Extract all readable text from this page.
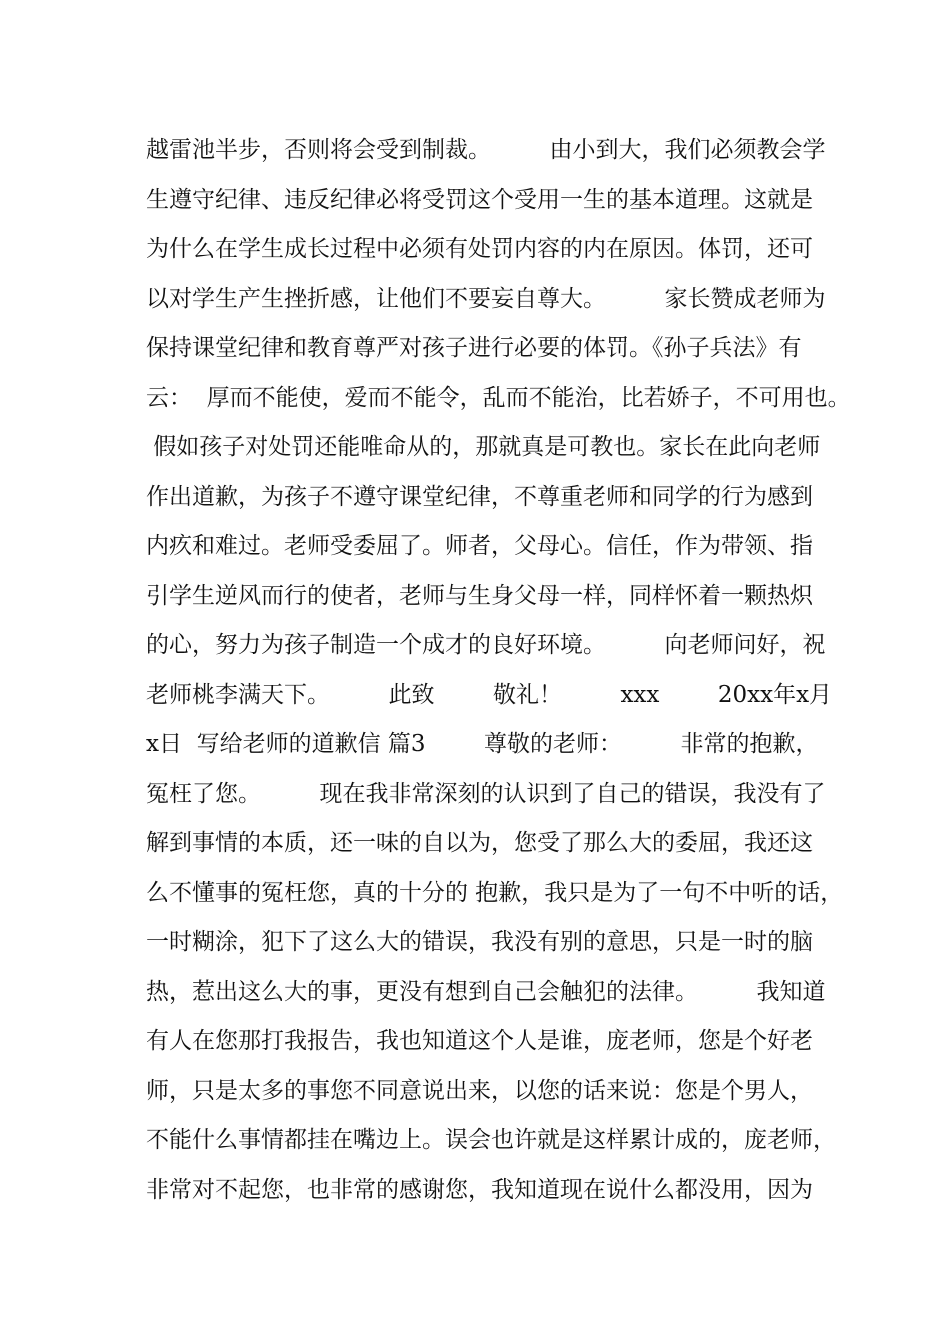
越雷池半步，否则将会受到制裁。        由小到大，我们必须教会学
生遵守纪律、违反纪律必将受罚这个受用一生的基本道理。这就是
为什么在学生成长过程中必须有处罚内容的内在原因。体罚，还可
以对学生产生挫折感，让他们不要妄自尊大。        家长赞成老师为
保持课堂纪律和教育尊严对孩子进行必要的体罚。《孙子兵法》有
云：  厚而不能使，爱而不能令，乱而不能治，比若娇子，不可用也。
假如孩子对处罚还能唯命从的，那就真是可教也。家长在此向老师
作出道歉，为孩子不遵守课堂纪律，不尊重老师和同学的行为感到
内疚和难过。老师受委屈了。师者，父母心。信任，作为带领、指
引学生逆风而行的使者，老师与生身父母一样，同样怀着一颗热炽
的心，努力为孩子制造一个成才的良好环境。        向老师问好，祝
老师桃李满天下。        此致        敬礼！        xxx        20xx年x月
x日  写给老师的道歉信 篇3        尊敬的老师：        非常的抱歉，
冤枉了您。        现在我非常深刻的认识到了自己的错误，我没有了
解到事情的本质，还一味的自以为，您受了那么大的委屈，我还这
么不懂事的冤枉您，真的十分的 抱歉，我只是为了一句不中听的话，
一时糊涂，犯下了这么大的错误，我没有别的意思，只是一时的脑
热，惹出这么大的事，更没有想到自己会触犯的法律。        我知道
有人在您那打我报告，我也知道这个人是谁，庞老师，您是个好老
师，只是太多的事您不同意说出来，以您的话来说：您是个男人，
不能什么事情都挂在嘴边上。误会也许就是这样累计成的，庞老师，
非常对不起您，也非常的感谢您，我知道现在说什么都没用，因为
